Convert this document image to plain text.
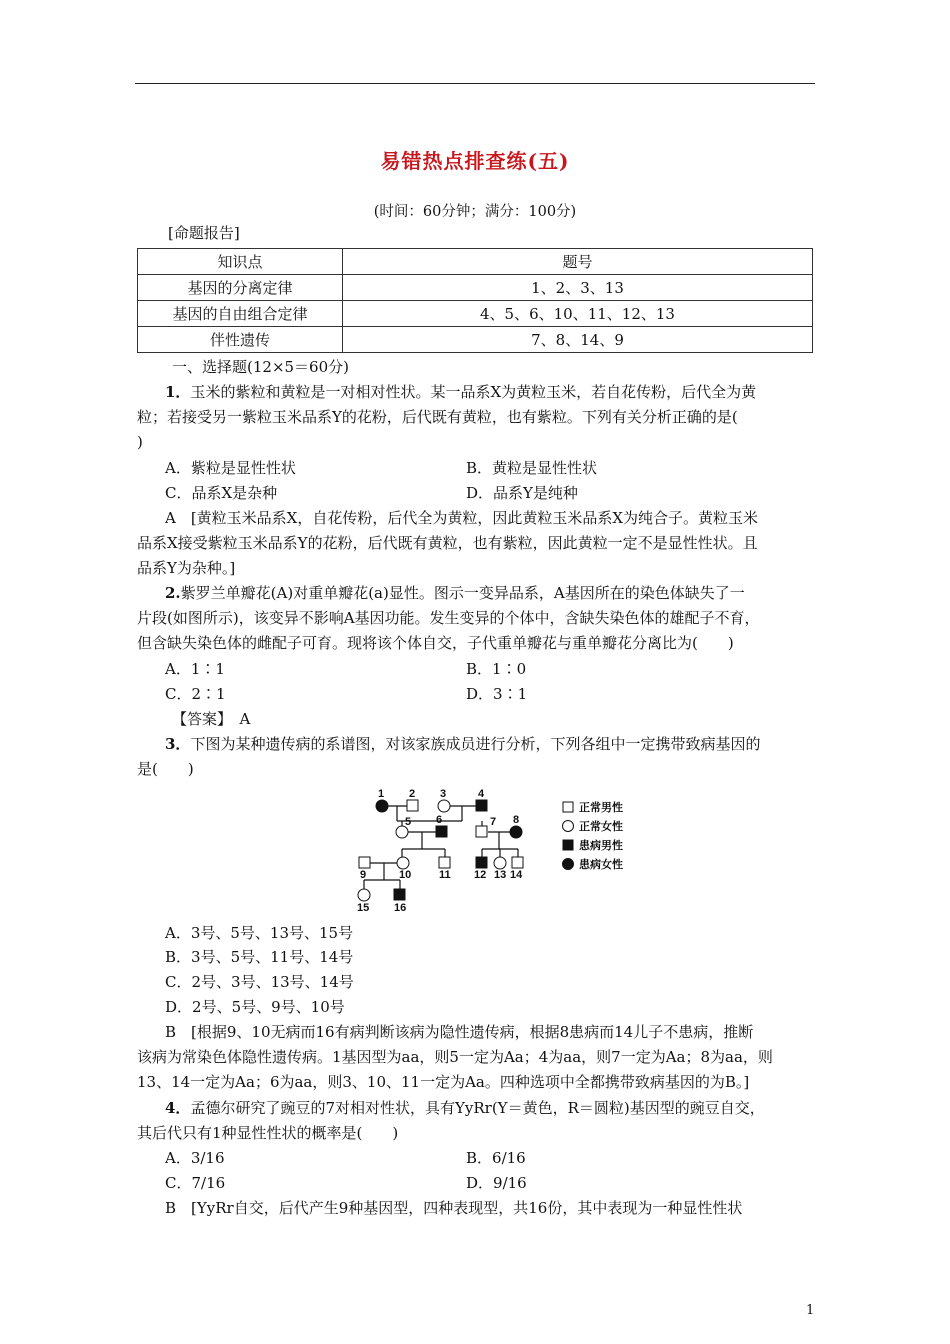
易错热点排查练(五)
(时间：60分钟；满分：100分)
[命题报告]
知识点	题号
基因的分离定律	1、2、3、13
基因的自由组合定律	4、5、6、10、11、12、13
伴性遗传	7、8、14、9
一、选择题(12×5＝60分)
1．玉米的紫粒和黄粒是一对相对性状。某一品系X为黄粒玉米，若自花传粉，后代全为黄
粒；若接受另一紫粒玉米品系Y的花粉，后代既有黄粒，也有紫粒。下列有关分析正确的是(
)
A．紫粒是显性性状	B．黄粒是显性性状
C．品系X是杂种	D．品系Y是纯种
A　[黄粒玉米品系X，自花传粉，后代全为黄粒，因此黄粒玉米品系X为纯合子。黄粒玉米
品系X接受紫粒玉米品系Y的花粉，后代既有黄粒，也有紫粒，因此黄粒一定不是显性性状。且
品系Y为杂种。]
2.紫罗兰单瓣花(A)对重单瓣花(a)显性。图示一变异品系，A基因所在的染色体缺失了一
片段(如图所示)，该变异不影响A基因功能。发生变异的个体中，含缺失染色体的雄配子不育，
但含缺失染色体的雌配子可育。现将该个体自交，子代重单瓣花与重单瓣花分离比为(　　)
A．1∶1	B．1∶0
C．2∶1	D．3∶1
【答案】　A
3．下图为某种遗传病的系谱图，对该家族成员进行分析，下列各组中一定携带致病基因的
是(　　)
1 2 3	4
5 6	7 8
9	10	11 12 13 14
15 16
正常男性
正常女性
患病男性
患病女性
A．3号、5号、13号、15号
B．3号、5号、11号、14号
C．2号、3号、13号、14号
D．2号、5号、9号、10号
B　[根据9、10无病而16有病判断该病为隐性遗传病，根据8患病而14儿子不患病，推断
该病为常染色体隐性遗传病。1基因型为aa，则5一定为Aa；4为aa，则7一定为Aa；8为aa，则
13、14一定为Aa；6为aa，则3、10、11一定为Aa。四种选项中全都携带致病基因的为B。]
4．孟德尔研究了豌豆的7对相对性状，具有YyRr(Y＝黄色，R＝圆粒)基因型的豌豆自交，
其后代只有1种显性性状的概率是(　　)
A．3/16	B．6/16
C．7/16	D．9/16
B　[YyRr自交，后代产生9种基因型，四种表现型，共16份，其中表现为一种显性性状
1
